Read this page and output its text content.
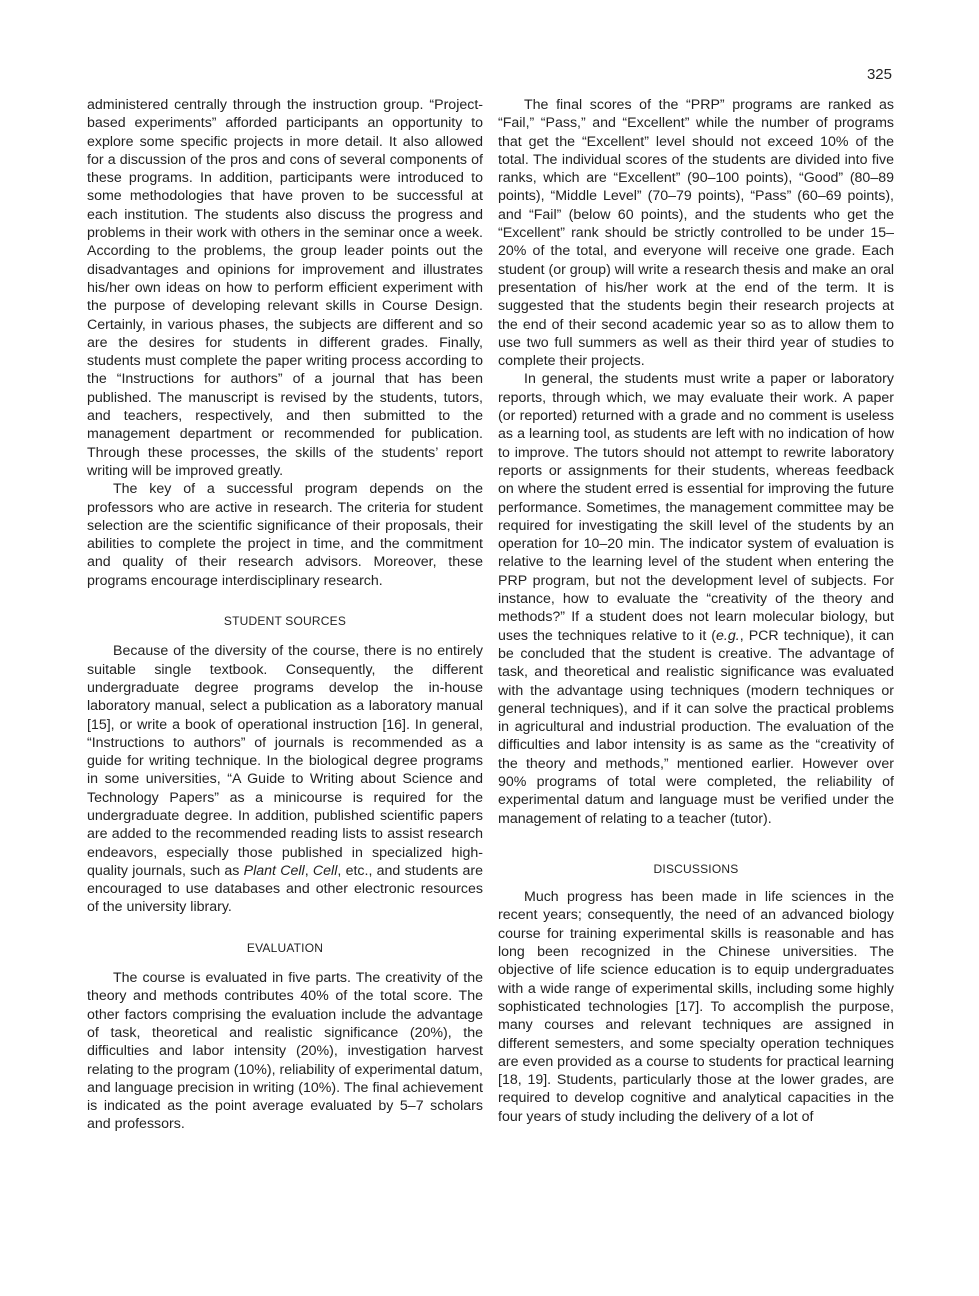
325

administered centrally through the instruction group. “Project-based experiments” afforded participants an opportunity to explore some specific projects in more detail. It also allowed for a discussion of the pros and cons of several components of these programs. In addition, participants were introduced to some methodologies that have proven to be successful at each institution. The students also discuss the progress and problems in their work with others in the seminar once a week. According to the problems, the group leader points out the disadvantages and opinions for improvement and illustrates his/her own ideas on how to perform efficient experiment with the purpose of developing relevant skills in Course Design. Certainly, in various phases, the subjects are different and so are the desires for students in different grades. Finally, students must complete the paper writing process according to the “Instructions for authors” of a journal that has been published. The manuscript is revised by the students, tutors, and teachers, respectively, and then submitted to the management department or recommended for publication. Through these processes, the skills of the students’ report writing will be improved greatly.

The key of a successful program depends on the professors who are active in research. The criteria for student selection are the scientific significance of their proposals, their abilities to complete the project in time, and the commitment and quality of their research advisors. Moreover, these programs encourage interdisciplinary research.

STUDENT SOURCES

Because of the diversity of the course, there is no entirely suitable single textbook. Consequently, the different undergraduate degree programs develop the in-house laboratory manual, select a publication as a laboratory manual [15], or write a book of operational instruction [16]. In general, “Instructions to authors” of journals is recommended as a guide for writing technique. In the biological degree programs in some universities, “A Guide to Writing about Science and Technology Papers” as a minicourse is required for the undergraduate degree. In addition, published scientific papers are added to the recommended reading lists to assist research endeavors, especially those published in specialized high-quality journals, such as Plant Cell, Cell, etc., and students are encouraged to use databases and other electronic resources of the university library.

EVALUATION

The course is evaluated in five parts. The creativity of the theory and methods contributes 40% of the total score. The other factors comprising the evaluation include the advantage of task, theoretical and realistic significance (20%), the difficulties and labor intensity (20%), investigation harvest relating to the program (10%), reliability of experimental datum, and language precision in writing (10%). The final achievement is indicated as the point average evaluated by 5–7 scholars and professors.

The final scores of the “PRP” programs are ranked as “Fail,” “Pass,” and “Excellent” while the number of programs that get the “Excellent” level should not exceed 10% of the total. The individual scores of the students are divided into five ranks, which are “Excellent” (90–100 points), “Good” (80–89 points), “Middle Level” (70–79 points), “Pass” (60–69 points), and “Fail” (below 60 points), and the students who get the “Excellent” rank should be strictly controlled to be under 15–20% of the total, and everyone will receive one grade. Each student (or group) will write a research thesis and make an oral presentation of his/her work at the end of the term. It is suggested that the students begin their research projects at the end of their second academic year so as to allow them to use two full summers as well as their third year of studies to complete their projects.

In general, the students must write a paper or laboratory reports, through which, we may evaluate their work. A paper (or reported) returned with a grade and no comment is useless as a learning tool, as students are left with no indication of how to improve. The tutors should not attempt to rewrite laboratory reports or assignments for their students, whereas feedback on where the student erred is essential for improving the future performance. Sometimes, the management committee may be required for investigating the skill level of the students by an operation for 10–20 min. The indicator system of evaluation is relative to the learning level of the student when entering the PRP program, but not the development level of subjects. For instance, how to evaluate the “creativity of the theory and methods?” If a student does not learn molecular biology, but uses the techniques relative to it (e.g., PCR technique), it can be concluded that the student is creative. The advantage of task, and theoretical and realistic significance was evaluated with the advantage using techniques (modern techniques or general techniques), and if it can solve the practical problems in agricultural and industrial production. The evaluation of the difficulties and labor intensity is as same as the “creativity of the theory and methods,” mentioned earlier. However over 90% programs of total were completed, the reliability of experimental datum and language must be verified under the management of relating to a teacher (tutor).

DISCUSSIONS

Much progress has been made in life sciences in the recent years; consequently, the need of an advanced biology course for training experimental skills is reasonable and has long been recognized in the Chinese universities. The objective of life science education is to equip undergraduates with a wide range of experimental skills, including some highly sophisticated technologies [17]. To accomplish the purpose, many courses and relevant techniques are assigned in different semesters, and some specialty operation techniques are even provided as a course to students for practical learning [18, 19]. Students, particularly those at the lower grades, are required to develop cognitive and analytical capacities in the four years of study including the delivery of a lot of
